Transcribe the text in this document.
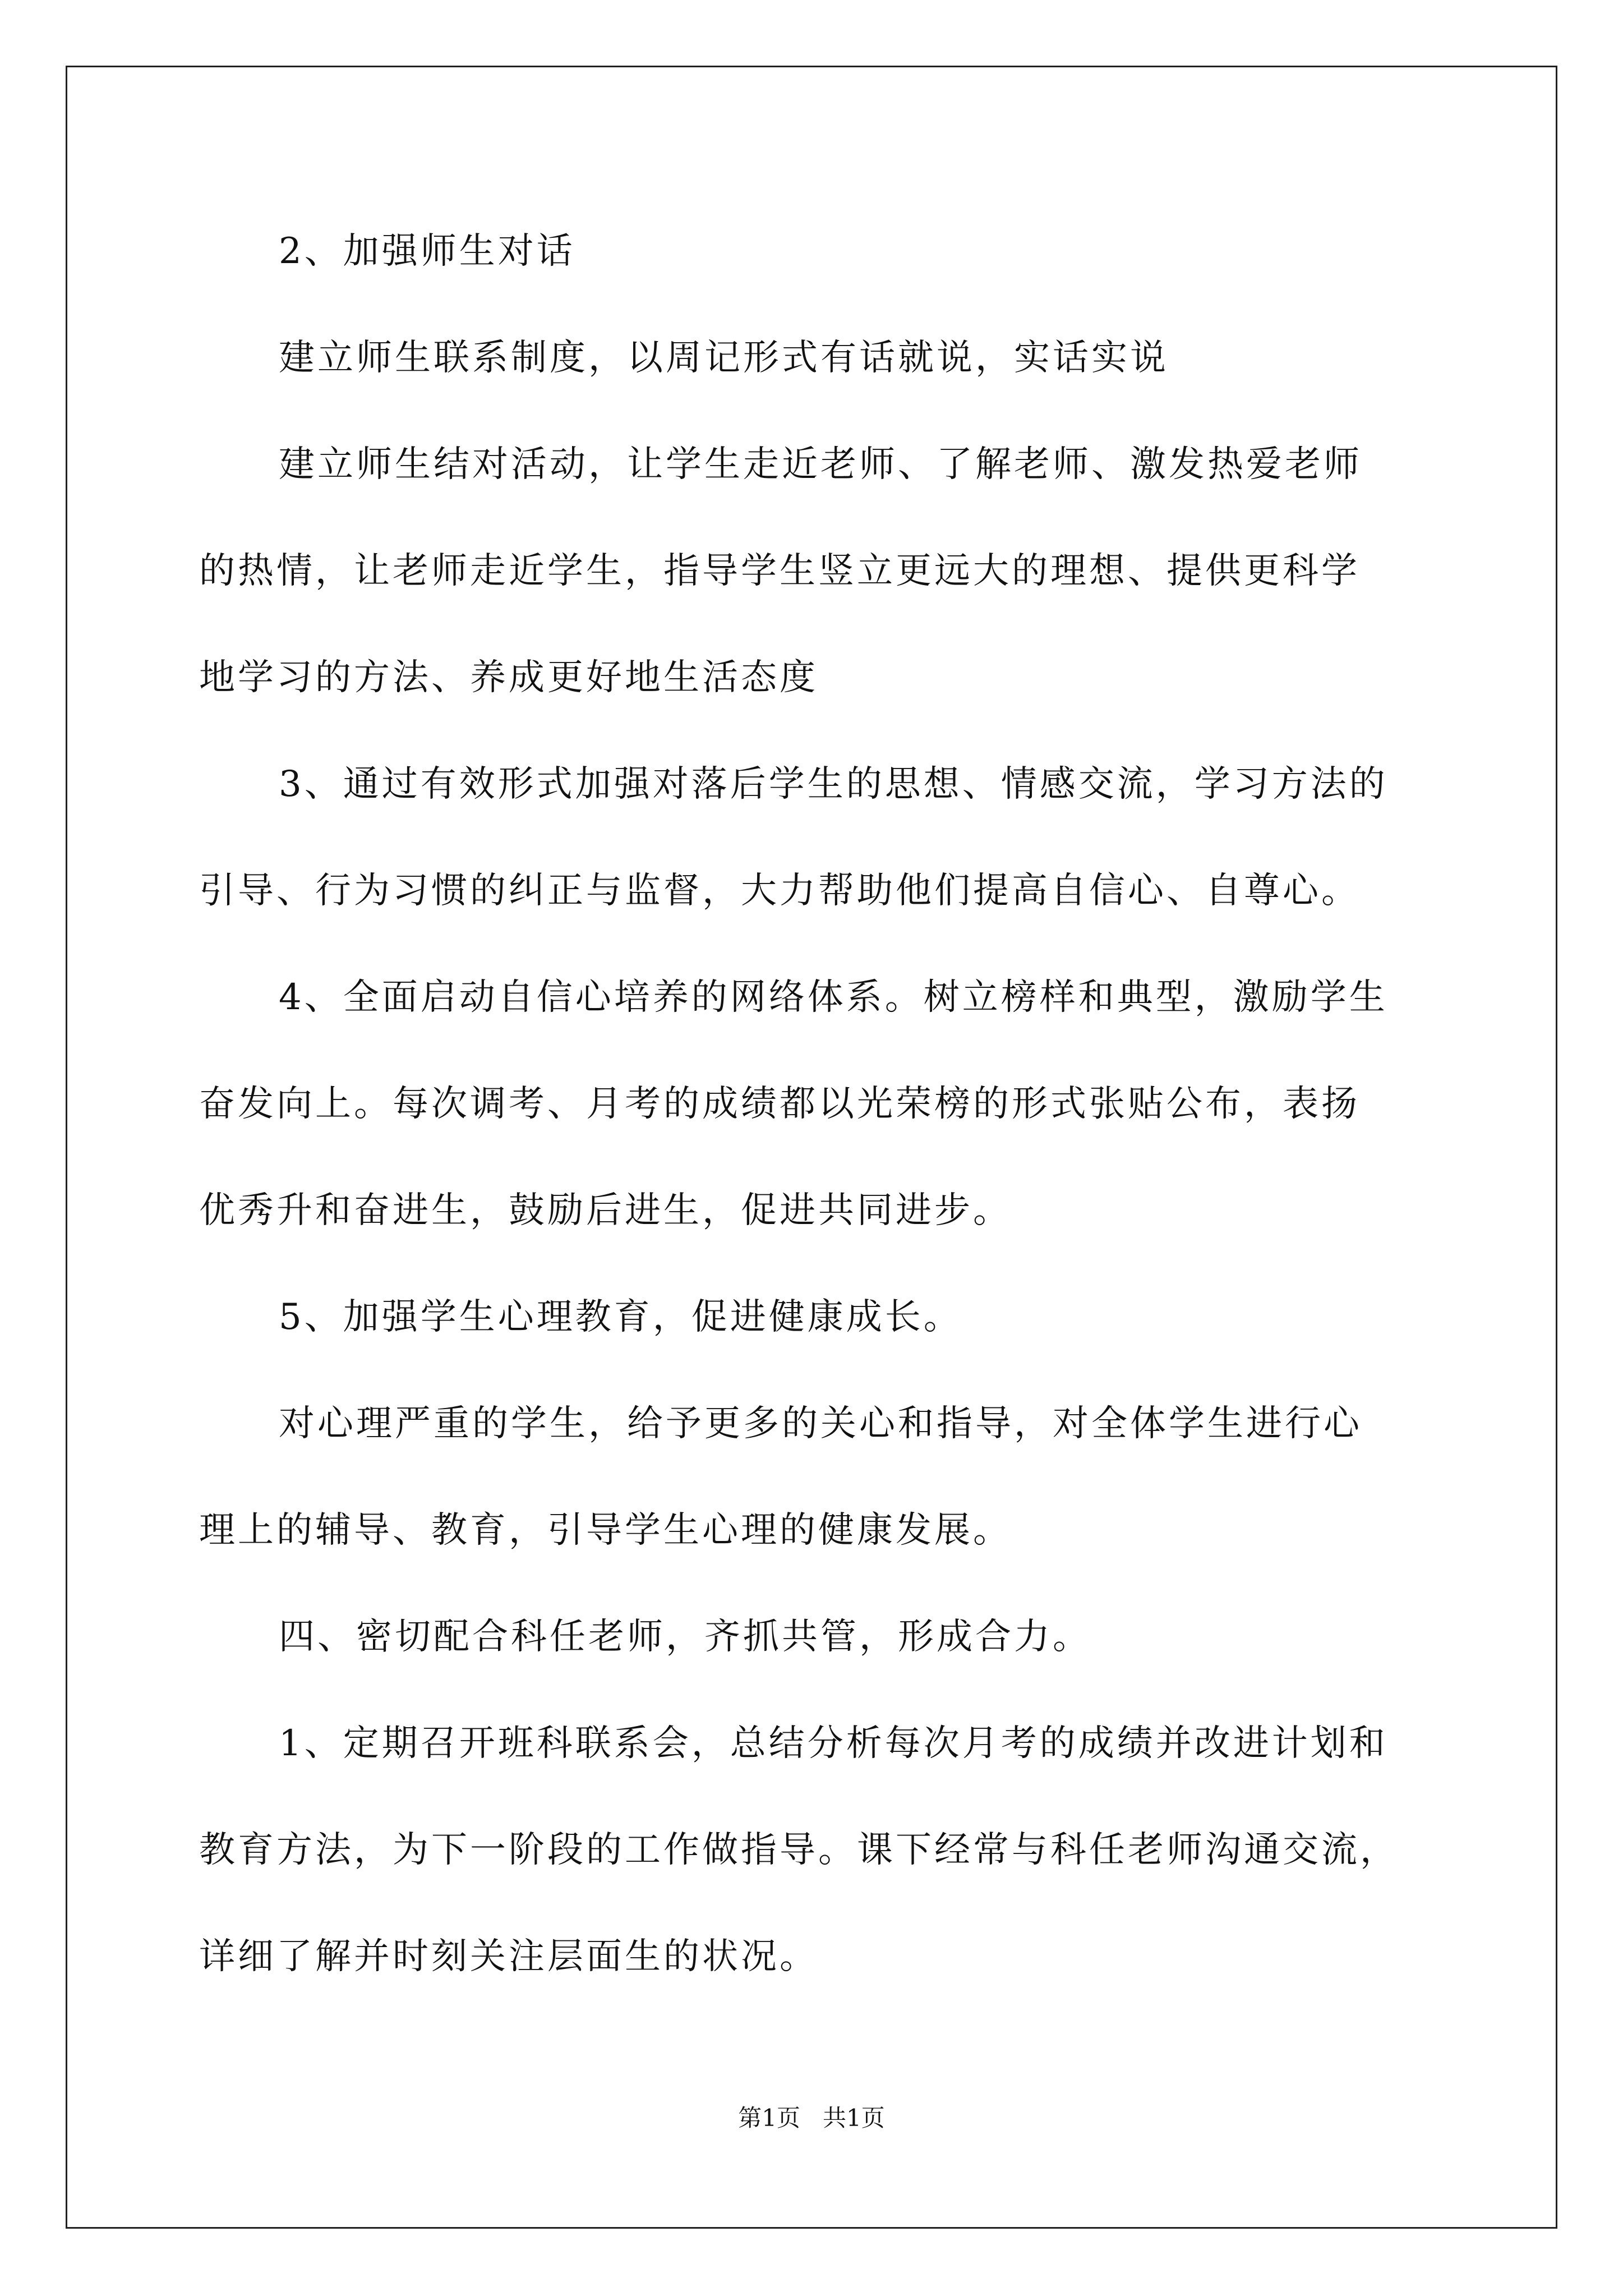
2、加强师生对话
建立师生联系制度，以周记形式有话就说，实话实说
建立师生结对活动，让学生走近老师、了解老师、激发热爱老师
的热情，让老师走近学生，指导学生竖立更远大的理想、提供更科学
地学习的方法、养成更好地生活态度
3、通过有效形式加强对落后学生的思想、情感交流，学习方法的
引导、行为习惯的纠正与监督，大力帮助他们提高自信心、自尊心。
4、全面启动自信心培养的网络体系。树立榜样和典型，激励学生
奋发向上。每次调考、月考的成绩都以光荣榜的形式张贴公布，表扬
优秀升和奋进生，鼓励后进生，促进共同进步。
5、加强学生心理教育，促进健康成长。
对心理严重的学生，给予更多的关心和指导，对全体学生进行心
理上的辅导、教育，引导学生心理的健康发展。
四、密切配合科任老师，齐抓共管，形成合力。
1、定期召开班科联系会，总结分析每次月考的成绩并改进计划和
教育方法，为下一阶段的工作做指导。课下经常与科任老师沟通交流，
详细了解并时刻关注层面生的状况。
第1页   共1页
